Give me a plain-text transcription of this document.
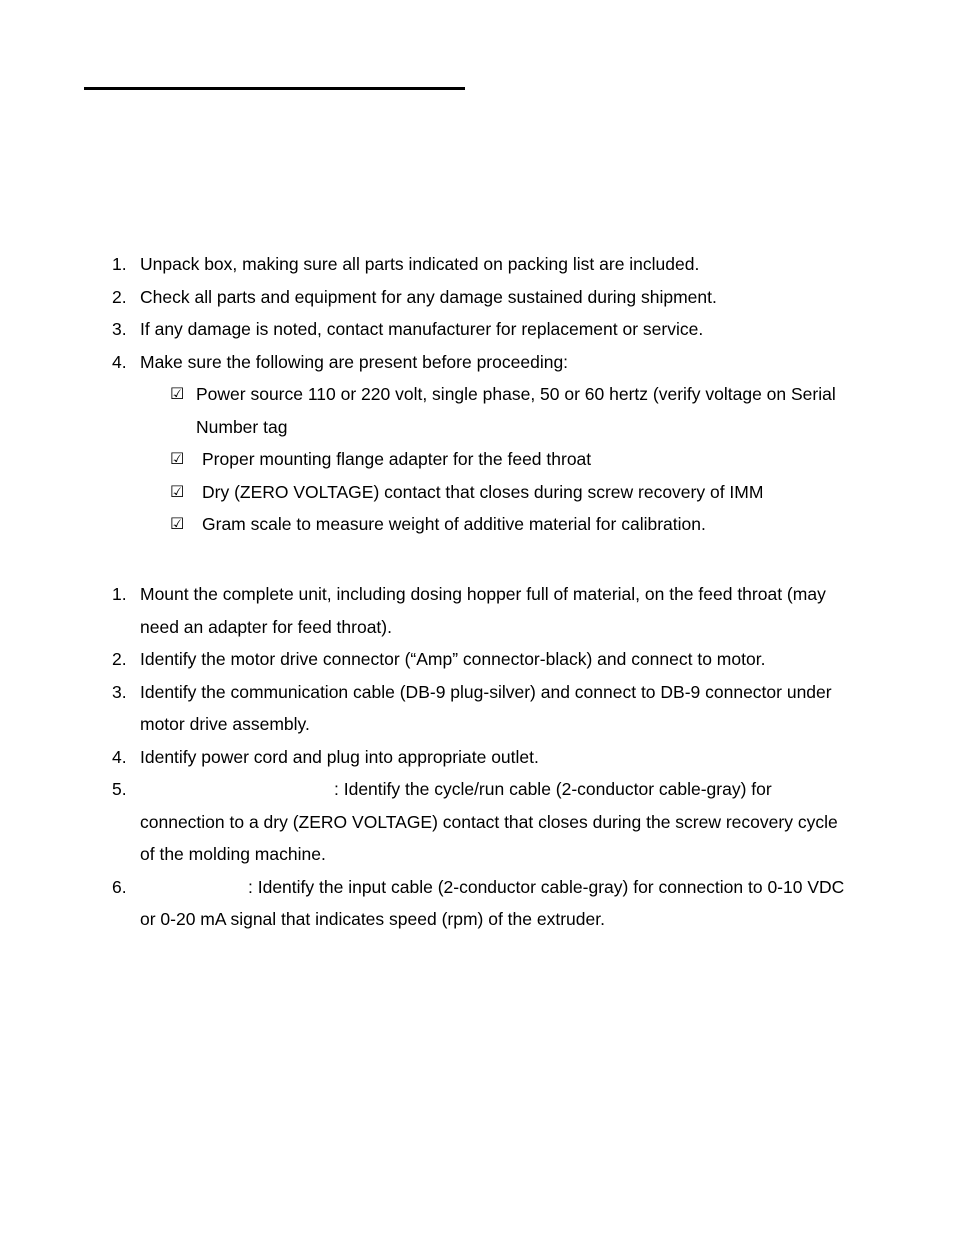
1. Unpack box, making sure all parts indicated on packing list are included.
2. Check all parts and equipment for any damage sustained during shipment.
3. If any damage is noted, contact manufacturer for replacement or service.
4. Make sure the following are present before proceeding:
☑ Power source 110 or 220 volt, single phase, 50 or 60 hertz (verify voltage on Serial Number tag
☑ Proper mounting flange adapter for the feed throat
☑ Dry (ZERO VOLTAGE) contact that closes during screw recovery of IMM
☑ Gram scale to measure weight of additive material for calibration.
1. Mount the complete unit, including dosing hopper full of material, on the feed throat (may need an adapter for feed throat).
2. Identify the motor drive connector (“Amp” connector-black) and connect to motor.
3. Identify the communication cable (DB-9 plug-silver) and connect to DB-9 connector under motor drive assembly.
4. Identify power cord and plug into appropriate outlet.
5.	: Identify the cycle/run cable (2-conductor cable-gray) for connection to a dry (ZERO VOLTAGE) contact that closes during the screw recovery cycle of the molding machine.
6.	: Identify the input cable (2-conductor cable-gray) for connection to 0-10 VDC or 0-20 mA signal that indicates speed (rpm) of the extruder.
